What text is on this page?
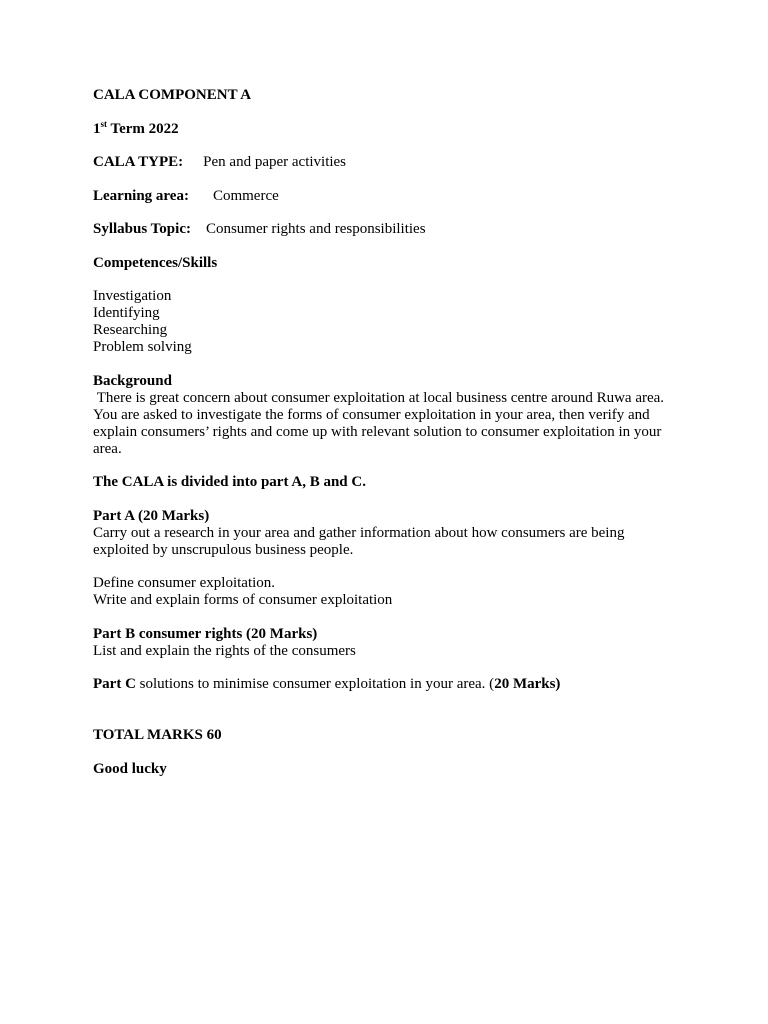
CALA COMPONENT A

1st Term 2022

CALA TYPE: Pen and paper activities

Learning area: Commerce

Syllabus Topic: Consumer rights and responsibilities

Competences/Skills

Investigation
Identifying
Researching
Problem solving
Background
There is great concern about consumer exploitation at local business centre around Ruwa area. You are asked to investigate the forms of consumer exploitation in your area, then verify and explain consumers’ rights and come up with relevant solution to consumer exploitation in your area.

The CALA is divided into part A, B and C.

Part A (20 Marks)
Carry out a research in your area and gather information about how consumers are being exploited by unscrupulous business people.
Define consumer exploitation.
Write and explain forms of consumer exploitation
Part B consumer rights (20 Marks)
List and explain the rights of the consumers

Part C solutions to minimise consumer exploitation in your area. (20 Marks)

TOTAL MARKS 60

Good lucky
